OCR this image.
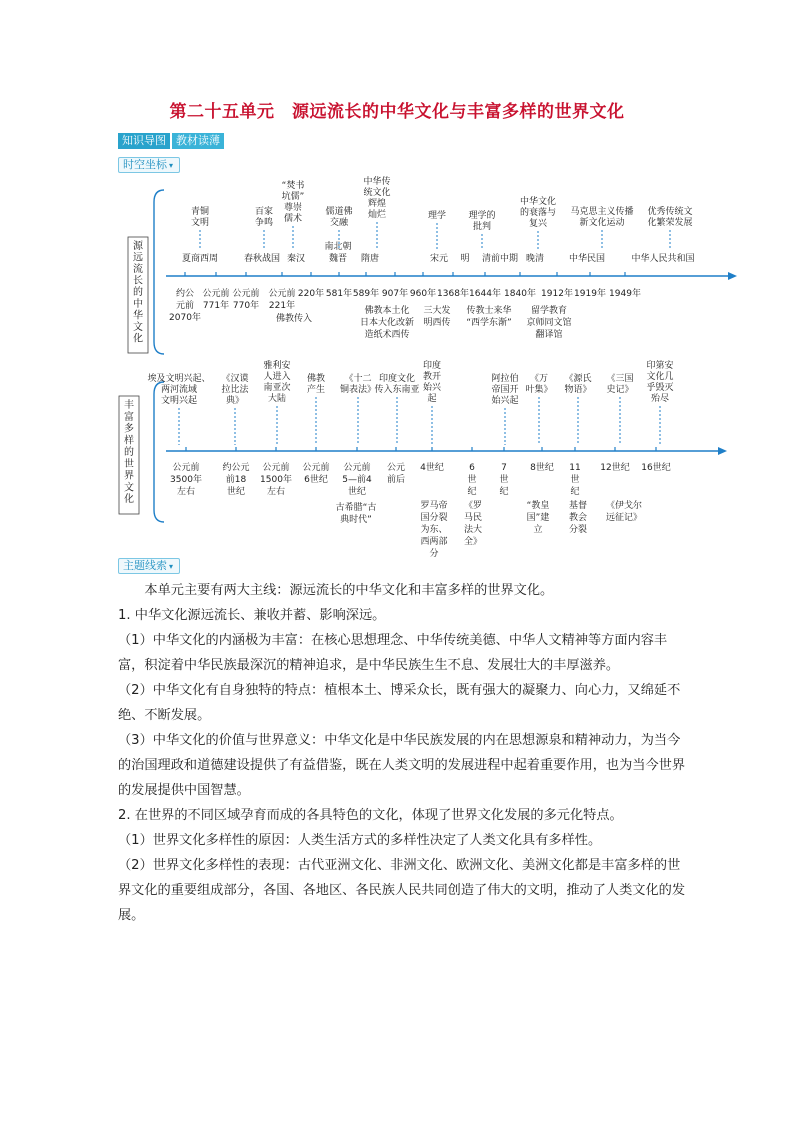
第二十五单元　源远流长的中华文化与丰富多样的世界文化
知识导图 教材读薄
时空坐标 ▾
源
远
流
长
的
中
华
文
化
约公
元前
2070年
公元前
771年
公元前
770年
公元前
221年
220年 581年 589年 907年 960年 1368年 1644年 1840年 1912年 1919年 1949年
夏商西周	春秋战国 秦汉	魏晋
南北朝
隋唐	宋元 明 清前中期 晚清	中华民国	中华人民共和国
青铜
文明
百家
争鸣
“焚书
坑儒”
尊崇
儒术
儒道佛
交融
中华传
统文化
辉煌
灿烂	理学 理学的
批判
中华文化
的衰落与
复兴
马克思主义传播
新文化运动
优秀传统文
化繁荣发展
佛教传入
佛教本土化
日本大化改新
造纸术西传
三大发
明西传
传教士来华
“西学东渐”
留学教育
京师同文馆
翻译馆
丰
富
多
样
的
世
界
文
化
公元前
3500年
左右
约公元
前18
世纪
公元前
1500年
左右
公元前
6世纪
公元前
5—前4
世纪
公元
前后
4世纪	6
世
纪
7
世
纪
8世纪 11
世
纪
12世纪 16世纪
埃及文明兴起、
两河流域
文明兴起
《汉谟
拉比法
典》
雅利安
人进入
南亚次
大陆
佛教
产生
《十二
铜表法》
印度文化
传入东南亚
印度
教开
始兴
起
阿拉伯
帝国开
始兴起
《万
叶集》
《源氏
物语》
《三国
史记》
印第安
文化几
乎毁灭
殆尽
古希腊“古
典时代”
罗马帝
国分裂
为东、
西两部
分
《罗
马民
法大
全》
“教皇
国”建
立
基督
教会
分裂
《伊戈尔
远征记》
主题线索 ▾

本单元主要有两大主线：源远流长的中华文化和丰富多样的世界文化。

1. 中华文化源远流长、兼收并蓄、影响深远。

（1）中华文化的内涵极为丰富：在核心思想理念、中华传统美德、中华人文精神等方面内容丰富，积淀着中华民族最深沉的精神追求，是中华民族生生不息、发展壮大的丰厚滋养。

（2）中华文化有自身独特的特点：植根本土、博采众长，既有强大的凝聚力、向心力，又绵延不绝、不断发展。

（3）中华文化的价值与世界意义：中华文化是中华民族发展的内在思想源泉和精神动力，为当今的治国理政和道德建设提供了有益借鉴，既在人类文明的发展进程中起着重要作用，也为当今世界的发展提供中国智慧。

2. 在世界的不同区域孕育而成的各具特色的文化，体现了世界文化发展的多元化特点。

（1）世界文化多样性的原因：人类生活方式的多样性决定了人类文化具有多样性。

（2）世界文化多样性的表现：古代亚洲文化、非洲文化、欧洲文化、美洲文化都是丰富多样的世界文化的重要组成部分，各国、各地区、各民族人民共同创造了伟大的文明，推动了人类文化的发展。
